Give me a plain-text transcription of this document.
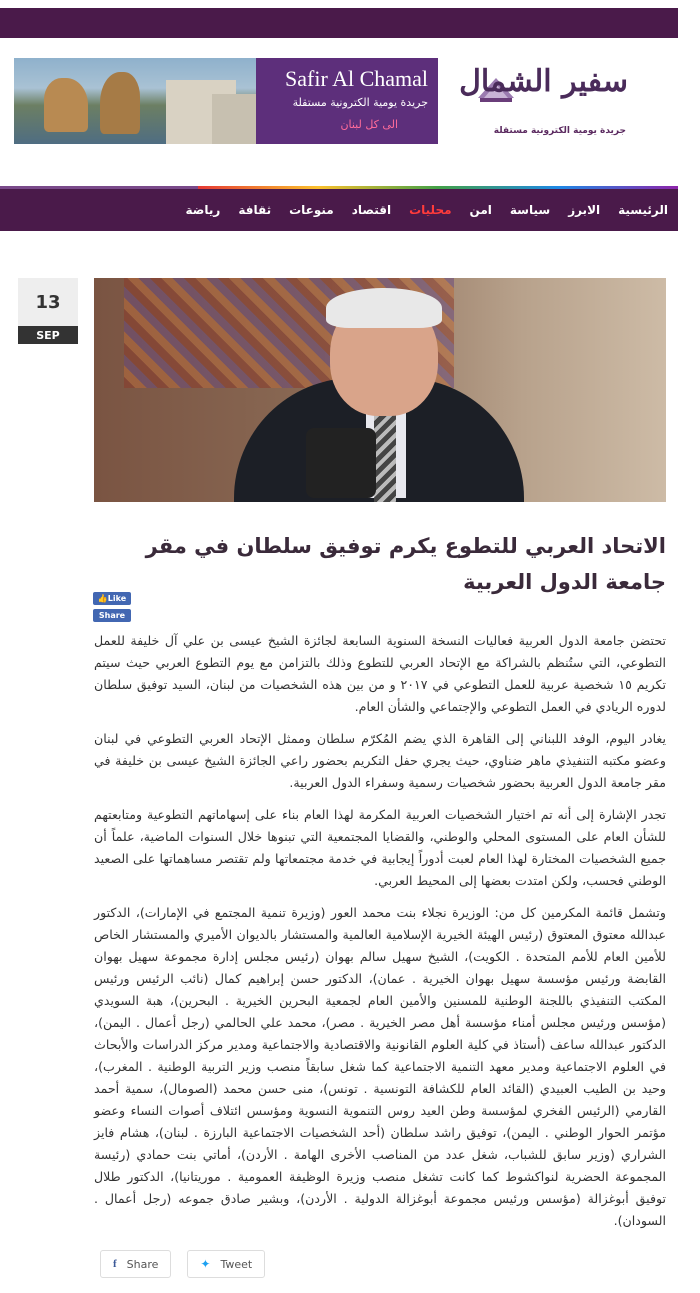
سفير الشمال
جريدة يومية الكترونية مستقلة
Safir Al Chamal
جريدة يومية الكترونية مستقلة
الى كل لبنان
الرئيسية
الابرز
سياسة
امن
محليات
اقتصاد
منوعات
ثقافة
رياضة
13
SEP
الاتحاد العربي للتطوع يكرم توفيق سلطان في مقر جامعة الدول العربية
👍 Like
Share

تحتضن جامعة الدول العربية فعاليات النسخة السنوية السابعة لجائزة الشيخ عيسى بن علي آل خليفة للعمل التطوعي، التي ستُنظم بالشراكة مع الإتحاد العربي للتطوع وذلك بالتزامن مع يوم التطوع العربي حيث سيتم تكريم ١٥ شخصية عربية للعمل التطوعي في ٢٠١٧ و من بين هذه الشخصيات من لبنان، السيد توفيق سلطان لدوره الريادي في العمل التطوعي والإجتماعي والشأن العام.

يغادر اليوم، الوفد اللبناني إلى القاهرة الذي يضم المُكرّم سلطان وممثل الإتحاد العربي التطوعي في لبنان وعضو مكتبه التنفيذي ماهر ضناوي، حيث يجري حفل التكريم بحضور راعي الجائزة الشيخ عيسى بن خليفة في مقر جامعة الدول العربية بحضور شخصيات رسمية وسفراء الدول العربية.

تجدر الإشارة إلى أنه تم اختيار الشخصيات العربية المكرمة لهذا العام بناء على إسهاماتهم التطوعية ومتابعتهم للشأن العام على المستوى المحلي والوطني، والقضايا المجتمعية التي تبنوها خلال السنوات الماضية، علماً أن جميع الشخصيات المختارة لهذا العام لعبت أدوراً إيجابية في خدمة مجتمعاتها ولم تقتصر مساهماتها على الصعيد الوطني فحسب، ولكن امتدت بعضها إلى المحيط العربي.

وتشمل قائمة المكرمين كل من: الوزيرة نجلاء بنت محمد العور (وزيرة تنمية المجتمع في الإمارات)، الدكتور عبدالله معتوق المعتوق (رئيس الهيئة الخيرية الإسلامية العالمية والمستشار بالديوان الأميري والمستشار الخاص للأمين العام للأمم المتحدة . الكويت)، الشيخ سهيل سالم بهوان (رئيس مجلس إدارة مجموعة سهيل بهوان القابضة ورئيس مؤسسة سهيل بهوان الخيرية . عمان)، الدكتور حسن إبراهيم كمال (نائب الرئيس ورئيس المكتب التنفيذي باللجنة الوطنية للمسنين والأمين العام لجمعية البحرين الخيرية . البحرين)، هبة السويدي (مؤسس ورئيس مجلس أمناء مؤسسة أهل مصر الخيرية . مصر)، محمد علي الحالمي (رجل أعمال . اليمن)، الدكتور عبدالله ساعف (أستاذ في كلية العلوم القانونية والاقتصادية والاجتماعية ومدير مركز الدراسات والأبحاث في العلوم الاجتماعية ومدير معهد التنمية الاجتماعية كما شغل سابقاً منصب وزير التربية الوطنية . المغرب)، وحيد بن الطيب العبيدي (القائد العام للكشافة التونسية . تونس)، منى حسن محمد (الصومال)، سمية أحمد القارمي (الرئيس الفخري لمؤسسة وطن العيد روس التنموية النسوية ومؤسس ائتلاف أصوات النساء وعضو مؤتمر الحوار الوطني . اليمن)، توفيق راشد سلطان (أحد الشخصيات الاجتماعية البارزة . لبنان)، هشام فايز الشراري (وزير سابق للشباب، شغل عدد من المناصب الأخرى الهامة . الأردن)، أماتي بنت حمادي (رئيسة المجموعة الحضرية لنواكشوط كما كانت تشغل منصب وزيرة الوظيفة العمومية . موريتانيا)، الدكتور طلال توفيق أبوغزالة (مؤسس ورئيس مجموعة أبوغزالة الدولية . الأردن)، وبشير صادق جموعه (رجل أعمال . السودان).

f Share	✦ Tweet
